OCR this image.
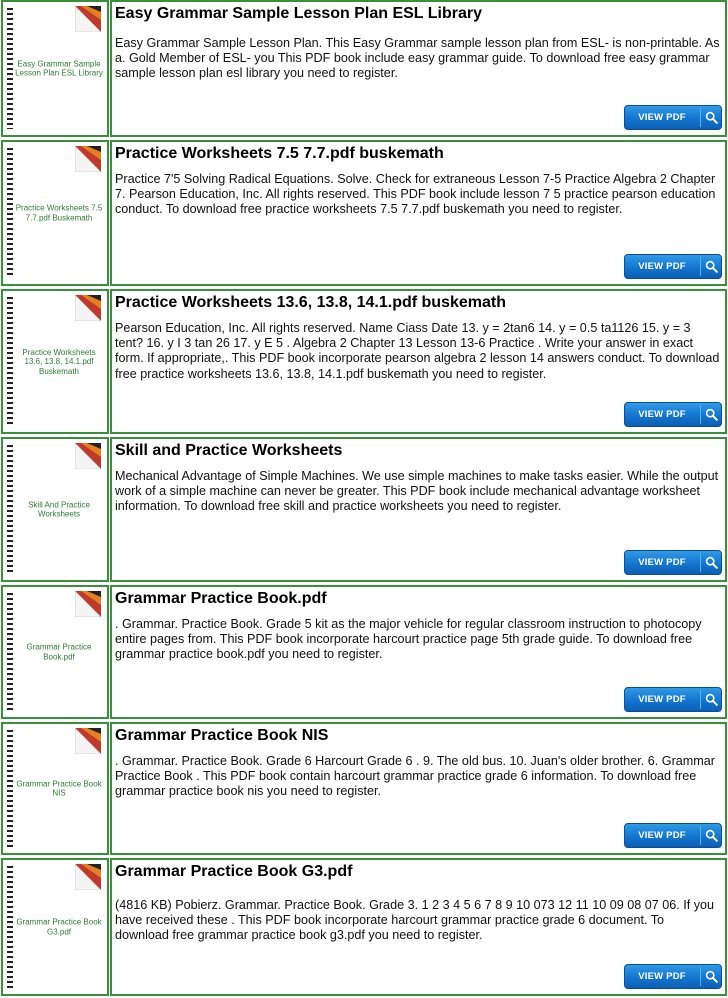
Easy Grammar Sample Lesson Plan ESL Library
Easy Grammar Sample Lesson Plan ESL Library

Easy Grammar Sample Lesson Plan. This Easy Grammar sample lesson plan from ESL- is non-printable. As a. Gold Member of ESL- you This PDF book include easy grammar guide. To download free easy grammar sample lesson plan esl library you need to register.

VIEW PDF
Practice Worksheets 7.5 7.7.pdf Buskemath
Practice Worksheets 7.5 7.7.pdf buskemath

Practice 7'5 Solving Radical Equations. Solve. Check for extraneous Lesson 7-5 Practice Algebra 2 Chapter 7. Pearson Education, Inc. All rights reserved. This PDF book include lesson 7 5 practice pearson education conduct. To download free practice worksheets 7.5 7.7.pdf buskemath you need to register.

VIEW PDF
Practice Worksheets 13.6, 13.8, 14.1.pdf Buskemath
Practice Worksheets 13.6, 13.8, 14.1.pdf buskemath

Pearson Education, Inc. All rights reserved. Name Ciass Date 13. y = 2tan6 14. y = 0.5 ta1126 15. y = 3 tent? 16. y I 3 tan 26 17. y E 5 . Algebra 2 Chapter 13 Lesson 13-6 Practice . Write your answer in exact form. If appropriate,. This PDF book incorporate pearson algebra 2 lesson 14 answers conduct. To download free practice worksheets 13.6, 13.8, 14.1.pdf buskemath you need to register.

VIEW PDF
Skill And Practice Worksheets
Skill and Practice Worksheets

Mechanical Advantage of Simple Machines. We use simple machines to make tasks easier. While the output work of a simple machine can never be greater. This PDF book include mechanical advantage worksheet information. To download free skill and practice worksheets you need to register.

VIEW PDF
Grammar Practice Book.pdf
Grammar Practice Book.pdf

. Grammar. Practice Book. Grade 5 kit as the major vehicle for regular classroom instruction to photocopy entire pages from. This PDF book incorporate harcourt practice page 5th grade guide. To download free grammar practice book.pdf you need to register.

VIEW PDF
Grammar Practice Book NIS
Grammar Practice Book NIS

. Grammar. Practice Book. Grade 6 Harcourt Grade 6 . 9. The old bus. 10. Juan's older brother. 6. Grammar Practice Book . This PDF book contain harcourt grammar practice grade 6 information. To download free grammar practice book nis you need to register.

VIEW PDF
Grammar Practice Book G3.pdf
Grammar Practice Book G3.pdf

(4816 KB) Pobierz. Grammar. Practice Book. Grade 3. 1 2 3 4 5 6 7 8 9 10 073 12 11 10 09 08 07 06. If you have received these . This PDF book incorporate harcourt grammar practice grade 6 document. To download free grammar practice book g3.pdf you need to register.

VIEW PDF
